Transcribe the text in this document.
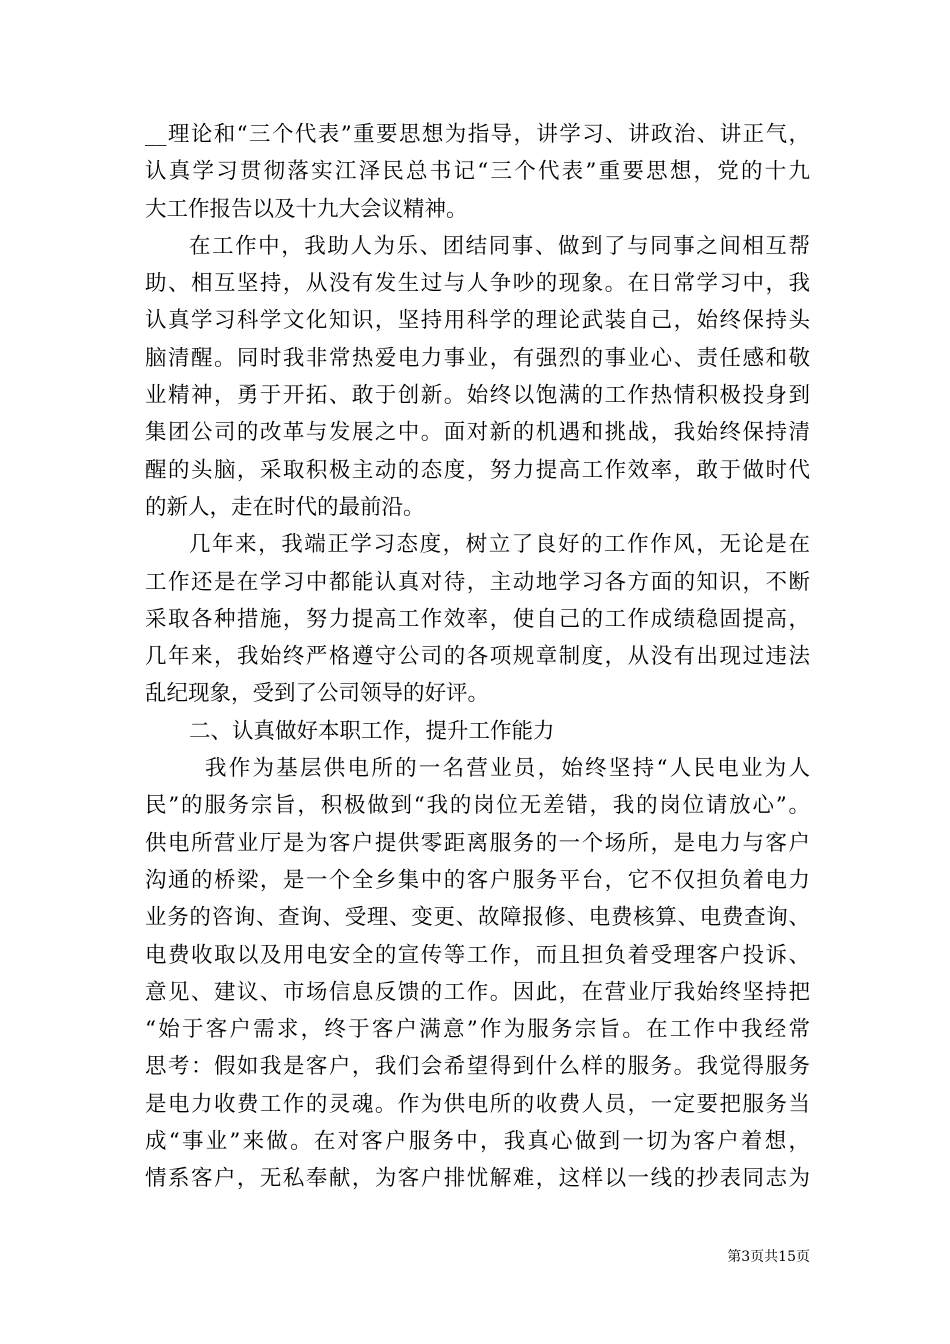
__理论和“三个代表”重要思想为指导，讲学习、讲政治、讲正气，
认真学习贯彻落实江泽民总书记“三个代表”重要思想，党的十九
大工作报告以及十九大会议精神。
在工作中，我助人为乐、团结同事、做到了与同事之间相互帮
助、相互坚持，从没有发生过与人争吵的现象。在日常学习中，我
认真学习科学文化知识，坚持用科学的理论武装自己，始终保持头
脑清醒。同时我非常热爱电力事业，有强烈的事业心、责任感和敬
业精神，勇于开拓、敢于创新。始终以饱满的工作热情积极投身到
集团公司的改革与发展之中。面对新的机遇和挑战，我始终保持清
醒的头脑，采取积极主动的态度，努力提高工作效率，敢于做时代
的新人，走在时代的最前沿。
几年来，我端正学习态度，树立了良好的工作作风，无论是在
工作还是在学习中都能认真对待，主动地学习各方面的知识，不断
采取各种措施，努力提高工作效率，使自己的工作成绩稳固提高，
几年来，我始终严格遵守公司的各项规章制度，从没有出现过违法
乱纪现象，受到了公司领导的好评。
二、认真做好本职工作，提升工作能力
我作为基层供电所的一名营业员，始终坚持“人民电业为人
民”的服务宗旨，积极做到“我的岗位无差错，我的岗位请放心”。
供电所营业厅是为客户提供零距离服务的一个场所，是电力与客户
沟通的桥梁，是一个全乡集中的客户服务平台，它不仅担负着电力
业务的咨询、查询、受理、变更、故障报修、电费核算、电费查询、
电费收取以及用电安全的宣传等工作，而且担负着受理客户投诉、
意见、建议、市场信息反馈的工作。因此，在营业厅我始终坚持把
“始于客户需求，终于客户满意”作为服务宗旨。在工作中我经常
思考：假如我是客户，我们会希望得到什么样的服务。我觉得服务
是电力收费工作的灵魂。作为供电所的收费人员，一定要把服务当
成“事业”来做。在对客户服务中，我真心做到一切为客户着想，
情系客户，无私奉献，为客户排忧解难，这样以一线的抄表同志为
第3页共15页
